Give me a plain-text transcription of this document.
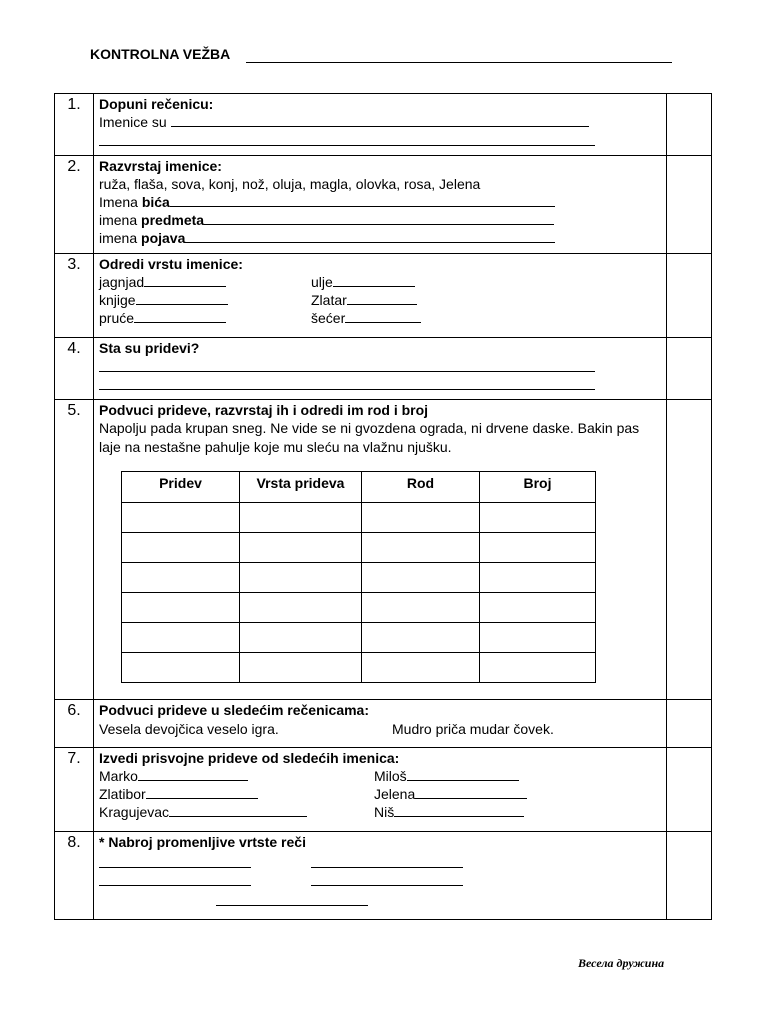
KONTROLNA VEŽBA
1.	Dopuni rečenicu:
Imenice su

2.	Razvrstaj imenice:
ruža, flaša, sova, konj, nož, oluja, magla, olovka, rosa, Jelena
Imena bića
imena predmeta
imena pojava

3.	Odredi vrstu imenice:
jagnjad	ulje
knjige	Zlatar
pruće	šećer

4.	Sta su pridevi?

5.	Podvuci prideve, razvrstaj ih i odredi im rod i broj
Napolju pada krupan sneg. Ne vide se ni gvozdena ograda, ni drvene daske. Bakin pas laje na nestašne pahulje koje mu sleću na vlažnu njušku.
Pridev	Vrsta prideva	Rod	Broj

6.	Podvuci prideve u sledećim rečenicama:
Vesela devojčica veselo igra.	Mudro priča mudar čovek.

7.	Izvedi prisvojne prideve od sledećih imenica:
Marko	Miloš
Zlatibor	Jelena
Kragujevac	Niš

8.	* Nabroj promenljive vrtste reči

Весела дружина
